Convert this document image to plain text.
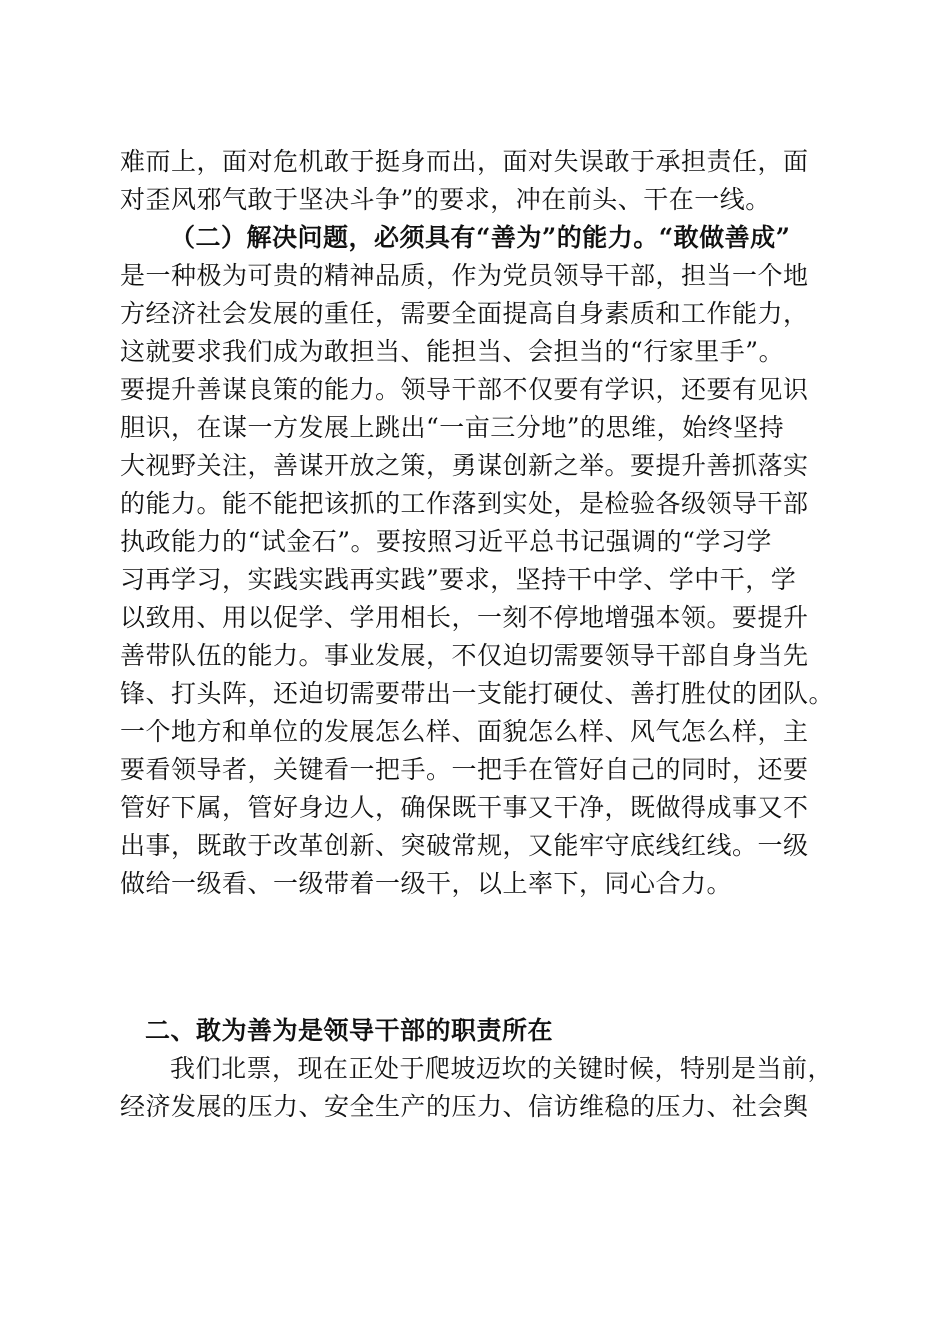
难而上，面对危机敢于挺身而出，面对失误敢于承担责任，面
对歪风邪气敢于坚决斗争”的要求，冲在前头、干在一线。
（二）解决问题，必须具有“善为”的能力。“敢做善成”
是一种极为可贵的精神品质，作为党员领导干部，担当一个地
方经济社会发展的重任，需要全面提高自身素质和工作能力，
这就要求我们成为敢担当、能担当、会担当的“行家里手”。
要提升善谋良策的能力。领导干部不仅要有学识，还要有见识
胆识，在谋一方发展上跳出“一亩三分地”的思维，始终坚持
大视野关注，善谋开放之策，勇谋创新之举。要提升善抓落实
的能力。能不能把该抓的工作落到实处，是检验各级领导干部
执政能力的“试金石”。要按照习近平总书记强调的“学习学
习再学习，实践实践再实践”要求，坚持干中学、学中干，学
以致用、用以促学、学用相长，一刻不停地增强本领。要提升
善带队伍的能力。事业发展，不仅迫切需要领导干部自身当先
锋、打头阵，还迫切需要带出一支能打硬仗、善打胜仗的团队。
一个地方和单位的发展怎么样、面貌怎么样、风气怎么样，主
要看领导者，关键看一把手。一把手在管好自己的同时，还要
管好下属，管好身边人，确保既干事又干净，既做得成事又不
出事，既敢于改革创新、突破常规，又能牢守底线红线。一级
做给一级看、一级带着一级干，以上率下，同心合力。
二、敢为善为是领导干部的职责所在
我们北票，现在正处于爬坡迈坎的关键时候，特别是当前，
经济发展的压力、安全生产的压力、信访维稳的压力、社会舆
